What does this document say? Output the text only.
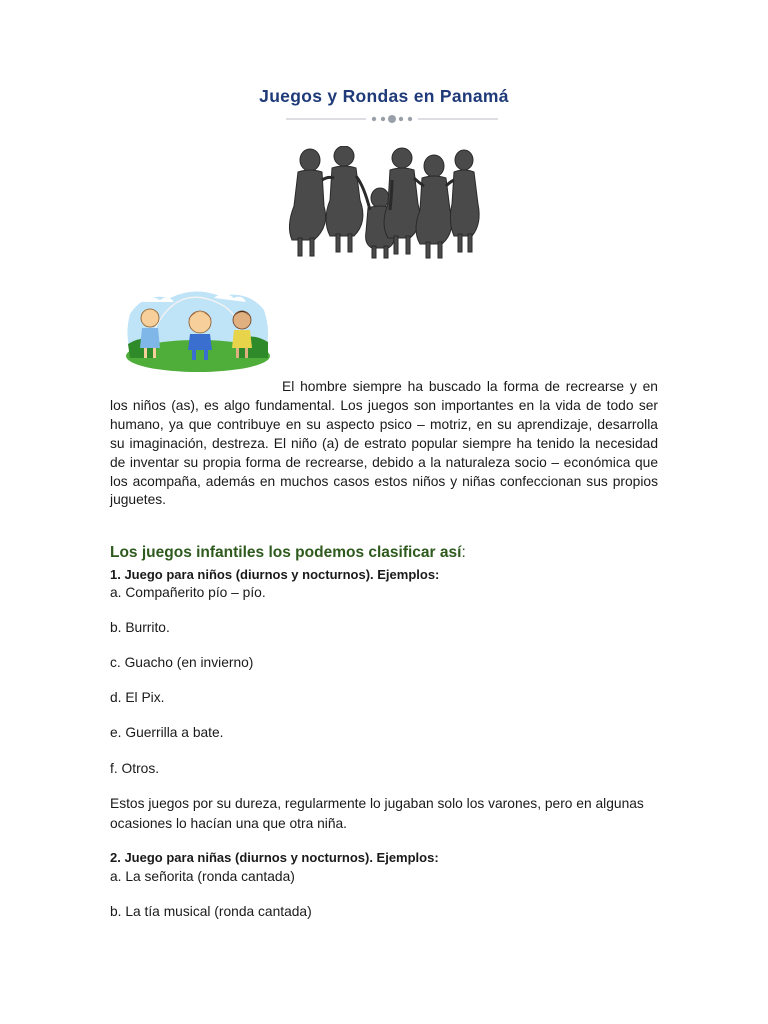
Juegos y Rondas en Panamá
El hombre siempre ha buscado la forma de recrearse y en los niños (as), es algo fundamental. Los juegos son importantes en la vida de todo ser humano, ya que contribuye en su aspecto psico – motriz, en su aprendizaje, desarrolla su imaginación, destreza. El niño (a) de estrato popular siempre ha tenido la necesidad de inventar su propia forma de recrearse, debido a la naturaleza socio – económica que los acompaña, además en muchos casos estos niños y niñas confeccionan sus propios juguetes.
Los juegos infantiles los podemos clasificar así:
1. Juego para niños (diurnos y nocturnos). Ejemplos:
a. Compañerito pío – pío.
b. Burrito.
c. Guacho (en invierno)
d. El Pix.
e. Guerrilla a bate.
f. Otros.
Estos juegos por su dureza, regularmente lo jugaban solo los varones, pero en algunas ocasiones lo hacían una que otra niña.
2. Juego para niñas (diurnos y nocturnos). Ejemplos:
a. La señorita (ronda cantada)
b. La tía musical (ronda cantada)
